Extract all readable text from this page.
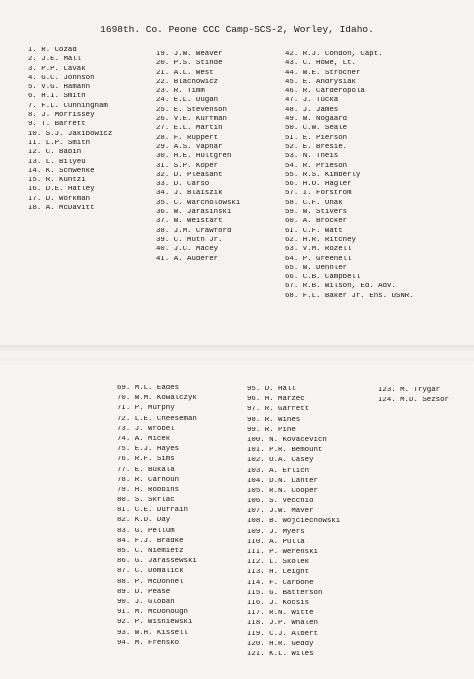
1698th. Co. Peone CCC Camp-SCS-2, Worley, Idaho.
I. R. Cozad
2. J.E. Mall
3. P.P. Lavak
4. G.C. Johnson
5. V.G. Hamann
6. H.I. Smith
7. F.L. Cunningham
8. J. Morrissey
9. T. Barrett
10. S.J. Jakibowicz
II. L.P. Smith
I2. C. Babin
I3. L. Bilyeu
I4. K. Schwenke
I5. R. Kuntzi
I6. D.E. Hatley
I7. D. Workman
I8. A. McDavitt
I9. J.W. Weaver
20. P.S. Stinde
2I. A.L. West
22. Blachowicz
23. R. Timm
24. E.L. Dugan
25. E. Stevenson
26. V.E. Kurfman
27. E.L. Martin
28. F. Ruppert
29. A.S. Vapnar
30. H.E. Hultgren
3I. S.P. Koper
32. D. Pleasant
33. D. Carso
34. J. Blaiszik
35. C. Warcholowski
36. W. Jarasinski
37. W. Weistart
38. J.M. Crawford
39. C. Muth Jr.
40. J.C. Macey
4I. A. Auderer
42. R.J. Condon, Capt.
43. C. Howe, Lt.
44. W.E. Strocher
45. E. Andrysiak
46. R. Carderopola
47. J. Tucka
48. J. James
49. W. Nogaard
50. C.W. Seale
5I. E. Pierson
52. E. Bresie.
53. N. Theis
54. R. Prieson
55. R.S. Kimberly
56. H.O. Hagler
57. I. Forstrom
58. C.F. Onak
59. W. Stivers
60. A. Brocker
6I. C.F. Watt
62. H.R. Ritchey
63. V.M. Rozell
64. P. Greenell
65. W. Dennler
66. C.B. Campbell
67. R.B. Wilson, Ed. Adv.
68. F.L. Baker Jr. Ens. USNR.
69. M.L. Eades
70. W.M. Kowalczyk
7I. P. Murphy
72. L.E. Cheeseman
73. J. Wrobel
74. A. Micek
75. E.J. Hayes
76. R.F. Sims
77. E. Bukala
78. R. Carhoun
79. H. Robbins
80. S. Skrlac
8I. C.E. Dufrain
82. K.D. Day
83. G. Pellum
84. F.J. Bradke
85. C. Niemietz
86. G. Jarassewski
87. C. Domalick
88. P. McDonnel
89. D. Pease
90. J. Globan
9I. M. McDonough
92. P. Wisniewski
93. W.H. Kissell
94. M. Frensko
95. D. Hall
96. H. Marzec
97. R. Garrett
98. R. Wines
99. R. Pine
I00. N. Kovacevich
I0I. P.R. Bemount
I02. O.A. Casey
I03. A. Erlich
I04. D.N. Lanter
I05. R.N. Cooper
I06. S. Vecchio
I07. J.W. Maver
I08. B. Wojciechowski
I09. J. Myers
II0. A. Pulla
III. P. Werenski
II2. L. Skolek
II3. H. Leight
II4. F. Carbone
II5. G. Batterson
II6. J. Kocsis
II7. R.N. Witte
II8. J.P. Whalen
II9. C.J. Albert
I20. H.R. Geddy
I2I. K.L. Wiles
I23. M. Trygar
I24. M.D. Sezsor
